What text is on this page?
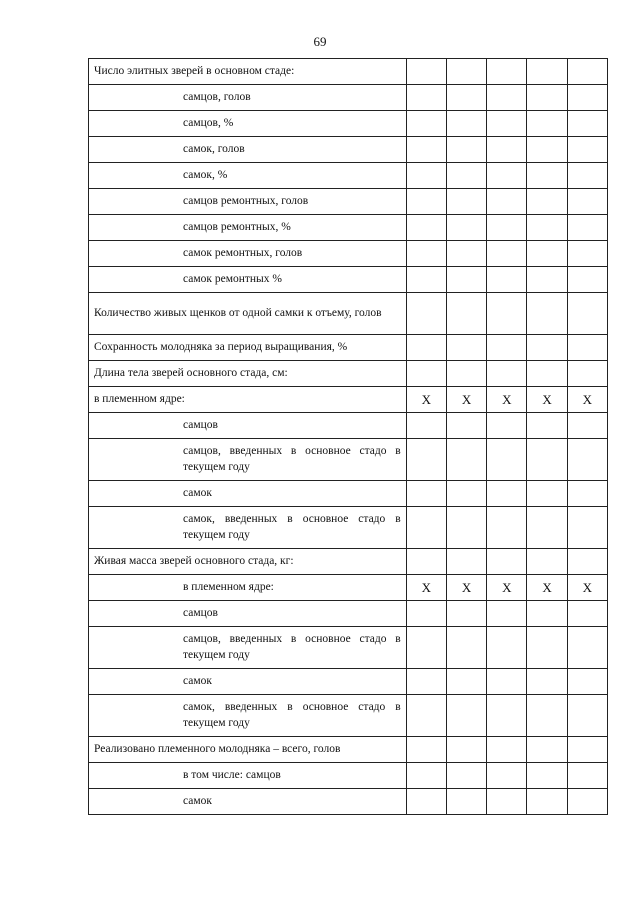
69
Число элитных зверей в основном стаде:					
самцов, голов					
самцов, %					
самок, голов					
самок, %					
самцов ремонтных, голов					
самцов ремонтных, %					
самок ремонтных, голов					
самок ремонтных %					
Количество живых щенков от одной самки к отъему, голов					
Сохранность молодняка за период выращивания, %					
Длина тела зверей основного стада, см:					
в племенном ядре:	Х	Х	Х	Х	Х
самцов					
самцов, введенных в основное стадо в текущем году					
самок					
самок, введенных в основное стадо в текущем году					
Живая масса зверей основного стада, кг:					
в племенном ядре:	Х	Х	Х	Х	Х
самцов					
самцов, введенных в основное стадо в текущем году					
самок					
самок, введенных в основное стадо в текущем году					
Реализовано племенного молодняка – всего, голов					
в том числе: самцов					
самок					
